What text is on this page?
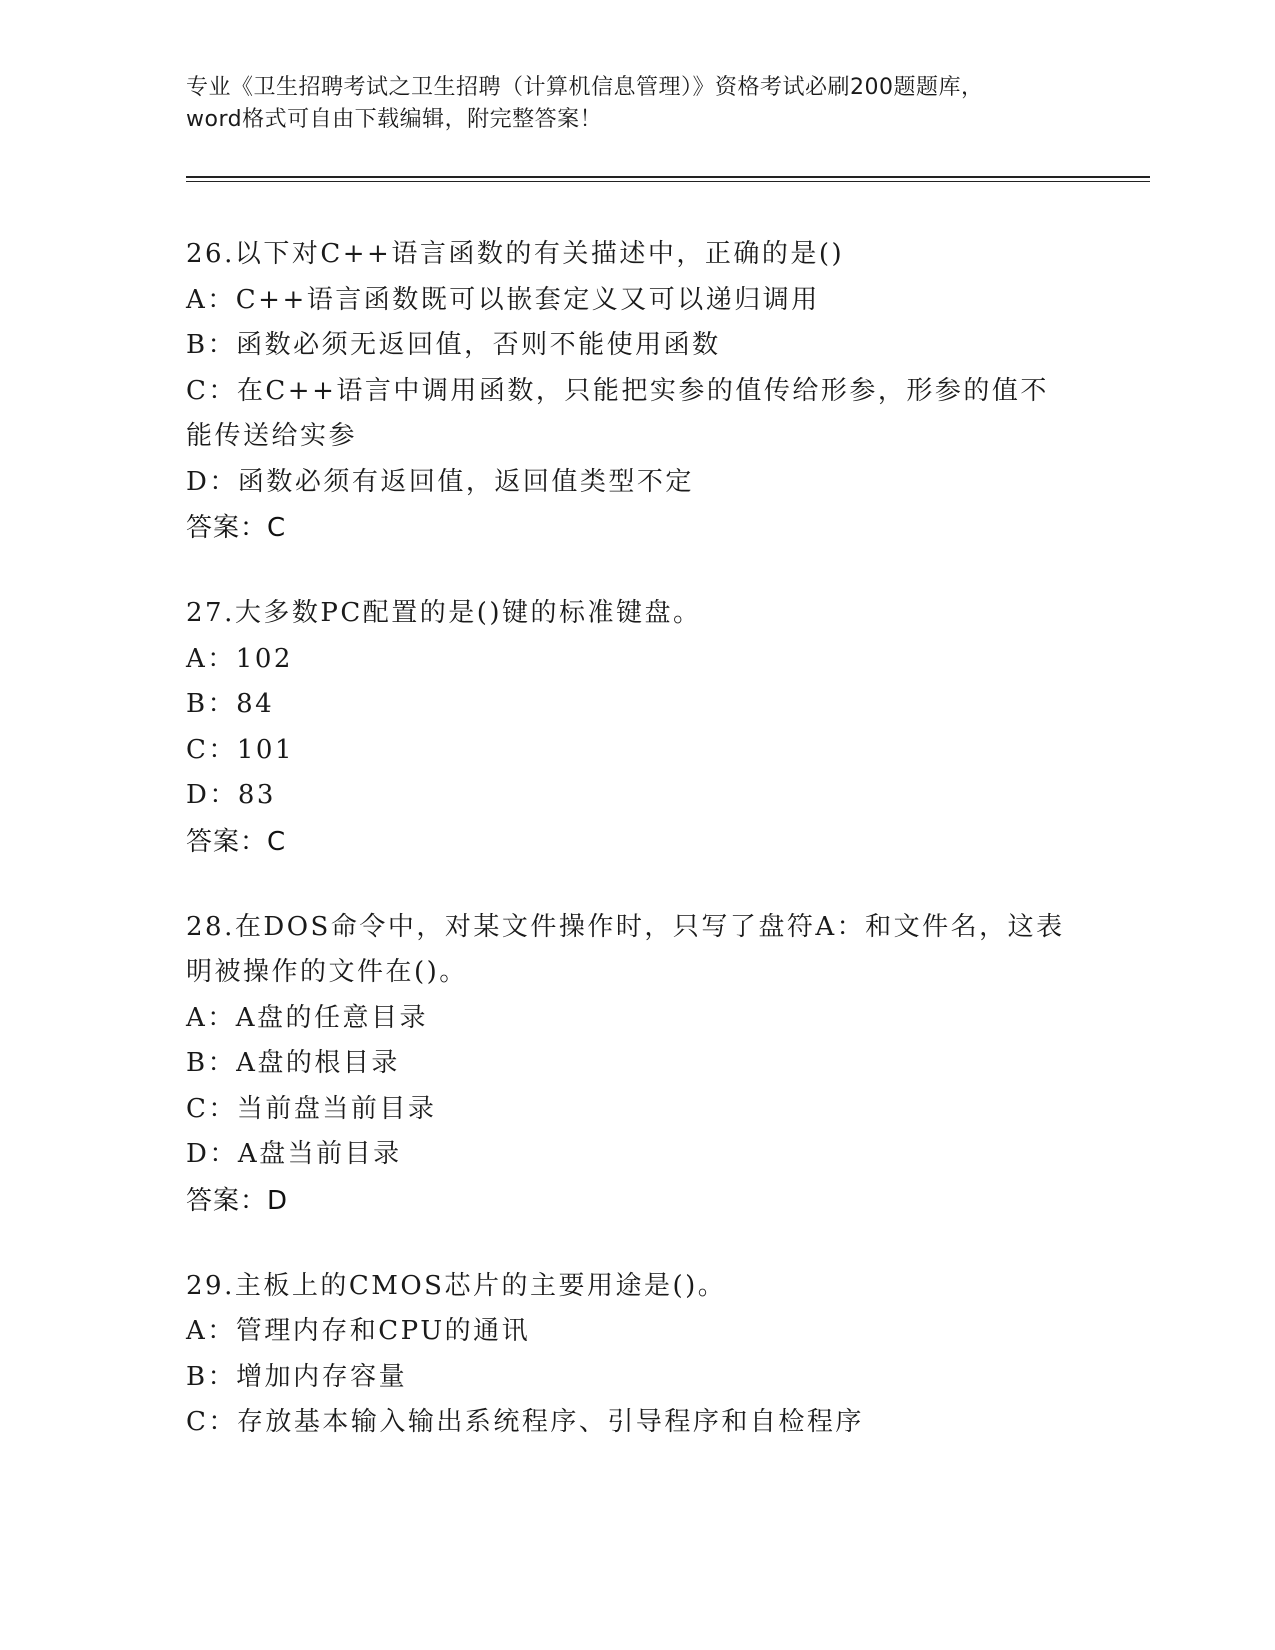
专业《卫生招聘考试之卫生招聘（计算机信息管理）》资格考试必刷200题题库，
word格式可自由下载编辑，附完整答案！
26.以下对C++语言函数的有关描述中，正确的是()
A：C++语言函数既可以嵌套定义又可以递归调用
B：函数必须无返回值，否则不能使用函数
C：在C++语言中调用函数，只能把实参的值传给形参，形参的值不能传送给实参
D：函数必须有返回值，返回值类型不定
答案：C
27.大多数PC配置的是()键的标准键盘。
A：102
B：84
C：101
D：83
答案：C
28.在DOS命令中，对某文件操作时，只写了盘符A：和文件名，这表明被操作的文件在()。
A：A盘的任意目录
B：A盘的根目录
C：当前盘当前目录
D：A盘当前目录
答案：D
29.主板上的CMOS芯片的主要用途是()。
A：管理内存和CPU的通讯
B：增加内存容量
C：存放基本输入输出系统程序、引导程序和自检程序
